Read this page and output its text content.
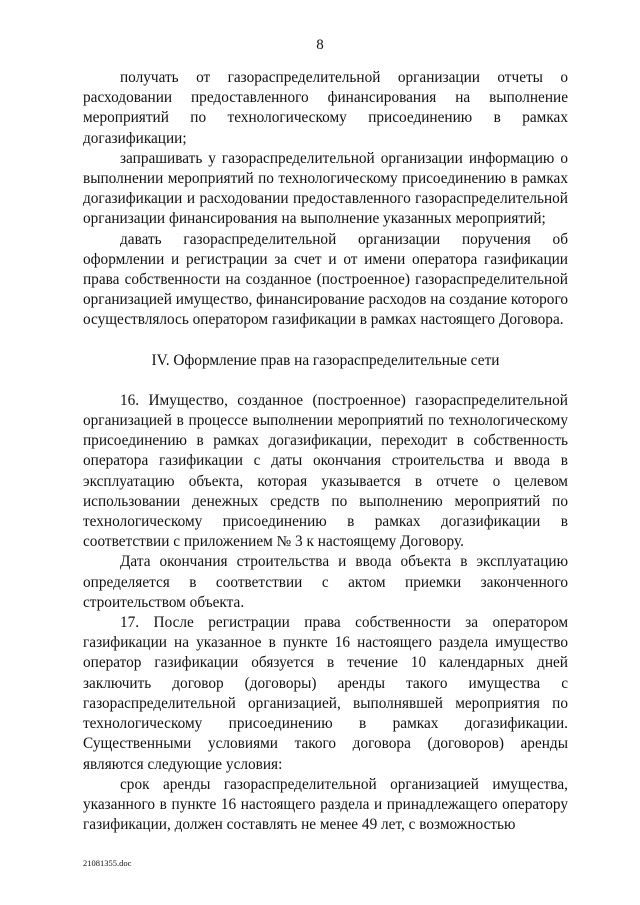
8

получать от газораспределительной организации отчеты о расходовании предоставленного финансирования на выполнение мероприятий по технологическому присоединению в рамках догазификации;

запрашивать у газораспределительной организации информацию о выполнении мероприятий по технологическому присоединению в рамках догазификации и расходовании предоставленного газораспределительной организации финансирования на выполнение указанных мероприятий;

давать газораспределительной организации поручения об оформлении и регистрации за счет и от имени оператора газификации права собственности на созданное (построенное) газораспределительной организацией имущество, финансирование расходов на создание которого осуществлялось оператором газификации в рамках настоящего Договора.

IV. Оформление прав на газораспределительные сети

16. Имущество, созданное (построенное) газораспределительной организацией в процессе выполнении мероприятий по технологическому присоединению в рамках догазификации, переходит в собственность оператора газификации с даты окончания строительства и ввода в эксплуатацию объекта, которая указывается в отчете о целевом использовании денежных средств по выполнению мероприятий по технологическому присоединению в рамках догазификации в соответствии с приложением № 3 к настоящему Договору.

Дата окончания строительства и ввода объекта в эксплуатацию определяется в соответствии с актом приемки законченного строительством объекта.

17. После регистрации права собственности за оператором газификации на указанное в пункте 16 настоящего раздела имущество оператор газификации обязуется в течение 10 календарных дней заключить договор (договоры) аренды такого имущества с газораспределительной организацией, выполнявшей мероприятия по технологическому присоединению в рамках догазификации. Существенными условиями такого договора (договоров) аренды являются следующие условия:

срок аренды газораспределительной организацией имущества, указанного в пункте 16 настоящего раздела и принадлежащего оператору газификации, должен составлять не менее 49 лет, с возможностью

21081355.doc
